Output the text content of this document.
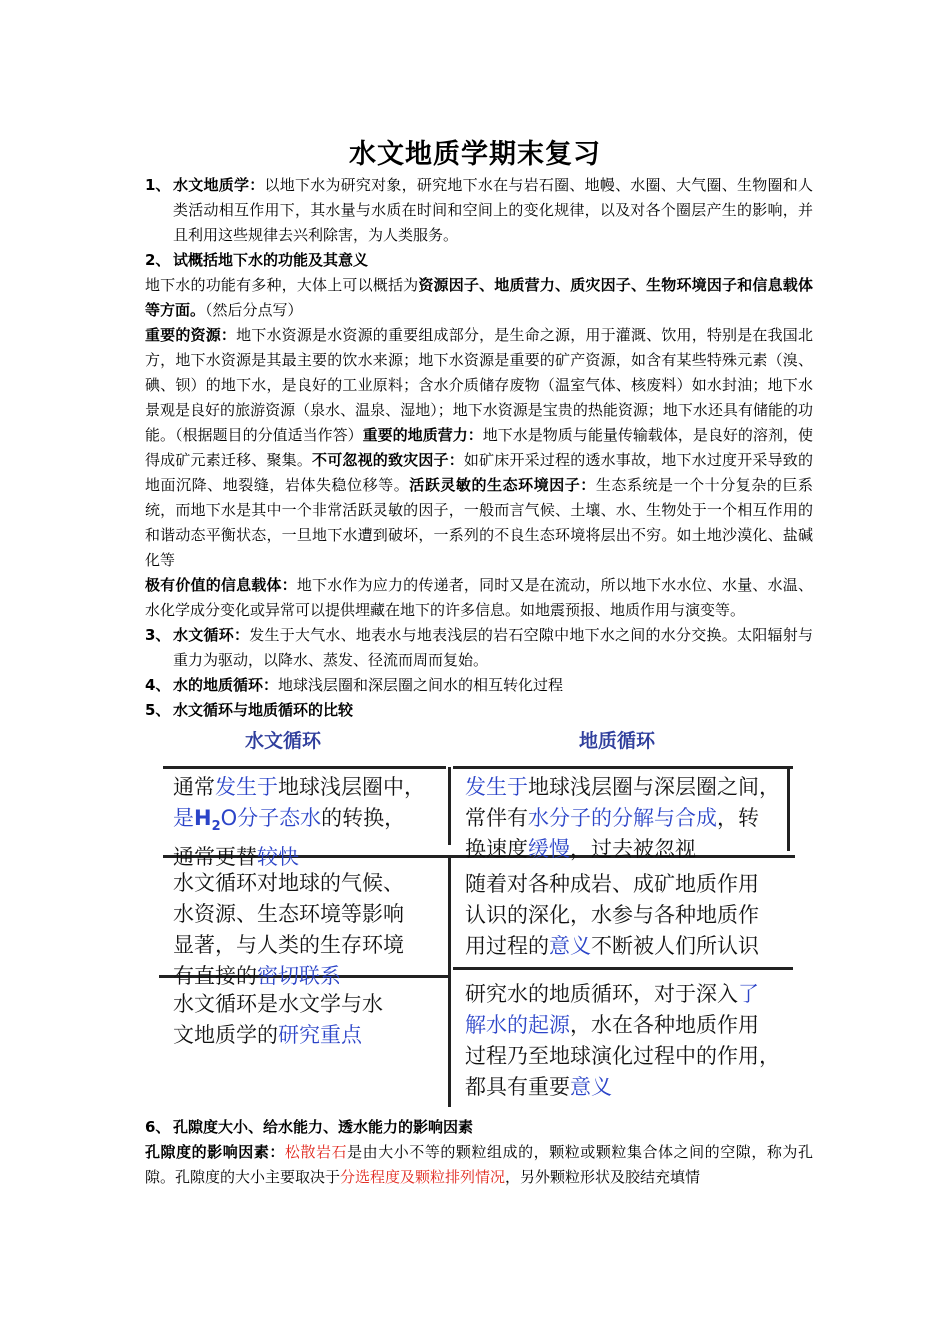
水文地质学期末复习

1、 水文地质学：以地下水为研究对象，研究地下水在与岩石圈、地幔、水圈、大气圈、生物圈和人类活动相互作用下，其水量与水质在时间和空间上的变化规律，以及对各个圈层产生的影响，并且利用这些规律去兴利除害，为人类服务。

2、 试概括地下水的功能及其意义

地下水的功能有多种，大体上可以概括为资源因子、地质营力、质灾因子、生物环境因子和信息载体等方面。（然后分点写）

重要的资源：地下水资源是水资源的重要组成部分，是生命之源，用于灌溉、饮用，特别是在我国北方，地下水资源是其最主要的饮水来源；地下水资源是重要的矿产资源，如含有某些特殊元素（溴、碘、钡）的地下水，是良好的工业原料；含水介质储存废物（温室气体、核废料）如水封油；地下水景观是良好的旅游资源（泉水、温泉、湿地）；地下水资源是宝贵的热能资源；地下水还具有储能的功能。（根据题目的分值适当作答）重要的地质营力：地下水是物质与能量传输载体，是良好的溶剂，使得成矿元素迁移、聚集。不可忽视的致灾因子：如矿床开采过程的透水事故，地下水过度开采导致的地面沉降、地裂缝，岩体失稳位移等。活跃灵敏的生态环境因子：生态系统是一个十分复杂的巨系统，而地下水是其中一个非常活跃灵敏的因子，一般而言气候、土壤、水、生物处于一个相互作用的和谐动态平衡状态，一旦地下水遭到破坏，一系列的不良生态环境将层出不穷。如土地沙漠化、盐碱化等

极有价值的信息载体：地下水作为应力的传递者，同时又是在流动，所以地下水水位、水量、水温、水化学成分变化或异常可以提供埋藏在地下的许多信息。如地震预报、地质作用与演变等。

3、 水文循环：发生于大气水、地表水与地表浅层的岩石空隙中地下水之间的水分交换。太阳辐射与重力为驱动，以降水、蒸发、径流而周而复始。

4、 水的地质循环：地球浅层圈和深层圈之间水的相互转化过程

5、 水文循环与地质循环的比较

水文循环	地质循环
通常发生于地球浅层圈中，
是$H_2O$分子态水的转换，
通常更替较快
水文循环对地球的气候、
水资源、生态环境等影响
显著，与人类的生存环境
有直接的密切联系
水文循环是水文学与水
文地质学的研究重点
发生于地球浅层圈与深层圈之间，
常伴有水分子的分解与合成，转
换速度缓慢，过去被忽视
随着对各种成岩、成矿地质作用
认识的深化，水参与各种地质作
用过程的意义不断被人们所认识
研究水的地质循环，对于深入了
解水的起源，水在各种地质作用
过程乃至地球演化过程中的作用，
都具有重要意义

6、 孔隙度大小、给水能力、透水能力的影响因素

孔隙度的影响因素：松散岩石是由大小不等的颗粒组成的，颗粒或颗粒集合体之间的空隙，称为孔隙。孔隙度的大小主要取决于分选程度及颗粒排列情况，另外颗粒形状及胶结充填情
